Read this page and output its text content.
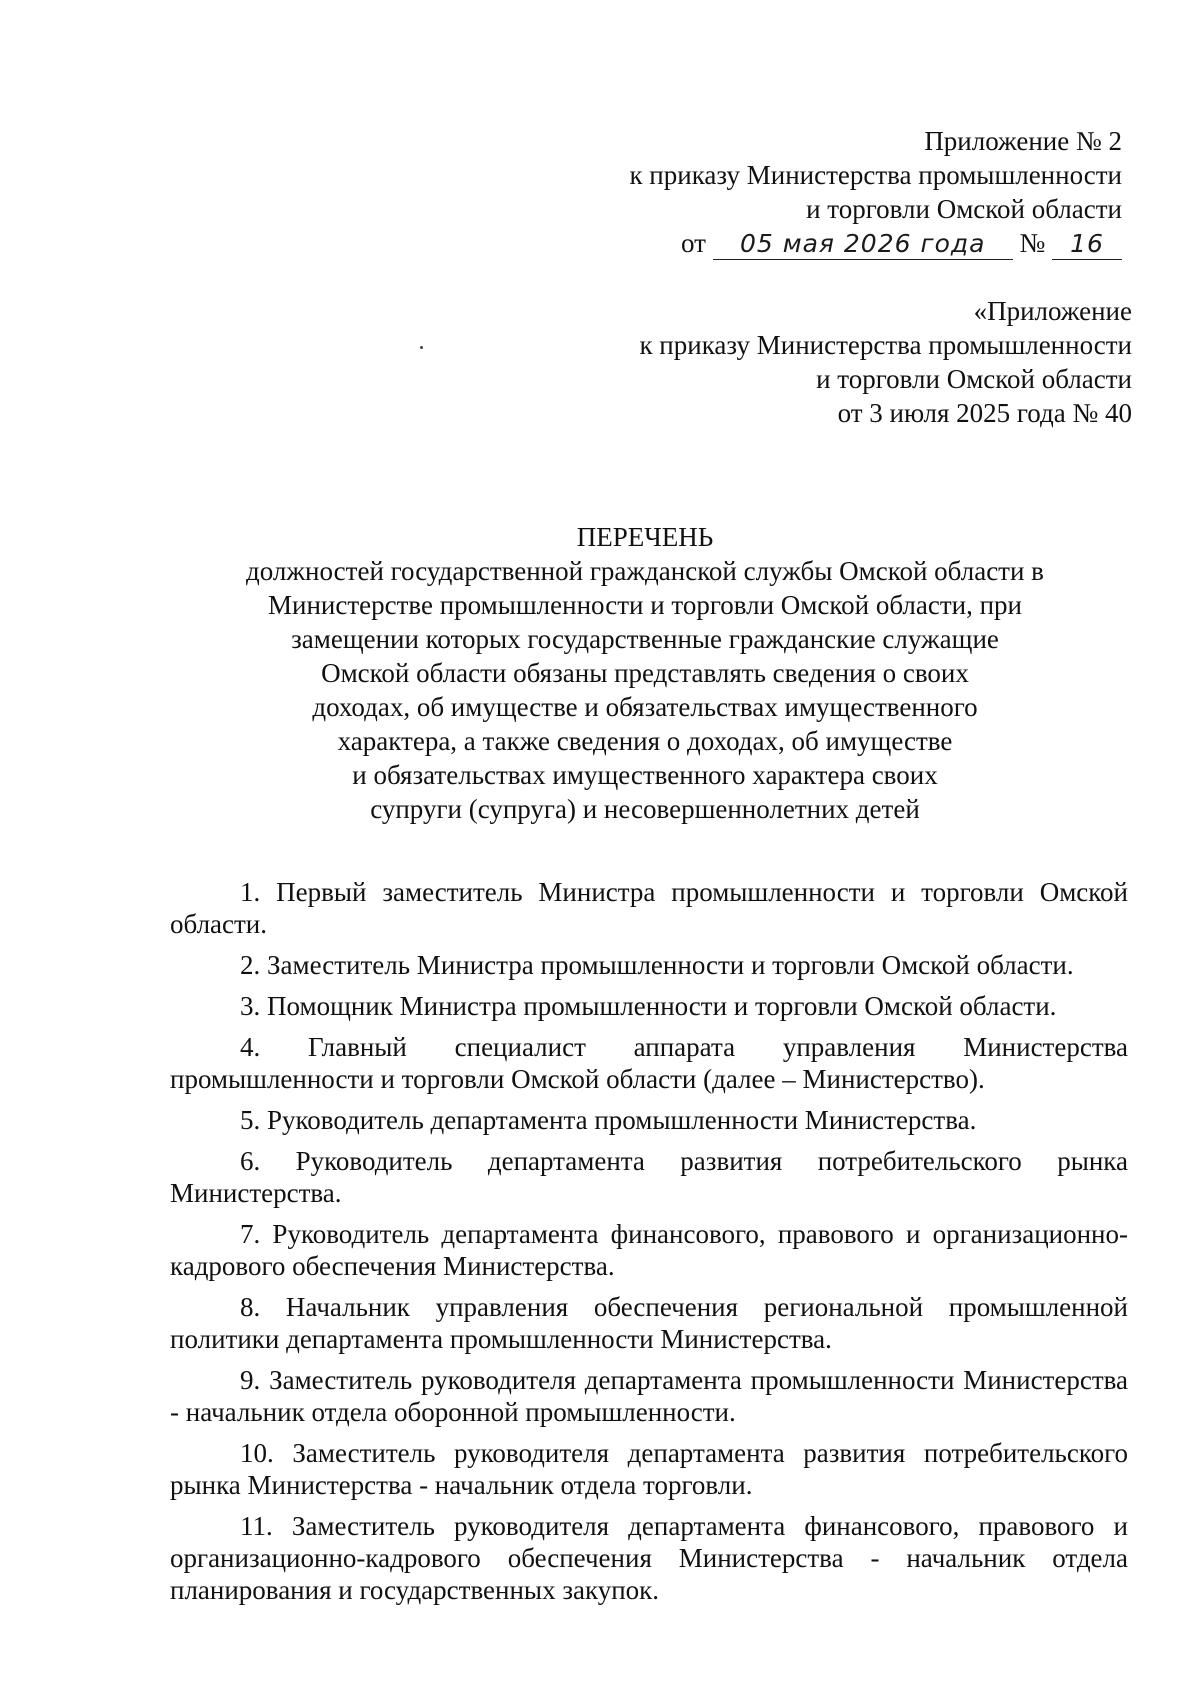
Приложение № 2
к приказу Министерства промышленности
и торговли Омской области
от 05 мая 2026 года № 16
«Приложение
к приказу Министерства промышленности
и торговли Омской области
от 3 июля 2025 года № 40
ПЕРЕЧЕНЬ
должностей государственной гражданской службы Омской области в
Министерстве промышленности и торговли Омской области, при
замещении которых государственные гражданские служащие
Омской области обязаны представлять сведения о своих
доходах, об имуществе и обязательствах имущественного
характера, а также сведения о доходах, об имуществе
и обязательствах имущественного характера своих
супруги (супруга) и несовершеннолетних детей

1. Первый заместитель Министра промышленности и торговли Омской области.

2. Заместитель Министра промышленности и торговли Омской области.

3. Помощник Министра промышленности и торговли Омской области.

4. Главный специалист аппарата управления Министерства промышленности и торговли Омской области (далее – Министерство).

5. Руководитель департамента промышленности Министерства.

6. Руководитель департамента развития потребительского рынка Министерства.

7. Руководитель департамента финансового, правового и организационно-кадрового обеспечения Министерства.

8. Начальник управления обеспечения региональной промышленной политики департамента промышленности Министерства.

9. Заместитель руководителя департамента промышленности Министерства - начальник отдела оборонной промышленности.

10. Заместитель руководителя департамента развития потребительского рынка Министерства - начальник отдела торговли.

11. Заместитель руководителя департамента финансового, правового и организационно-кадрового обеспечения Министерства - начальник отдела планирования и государственных закупок.
